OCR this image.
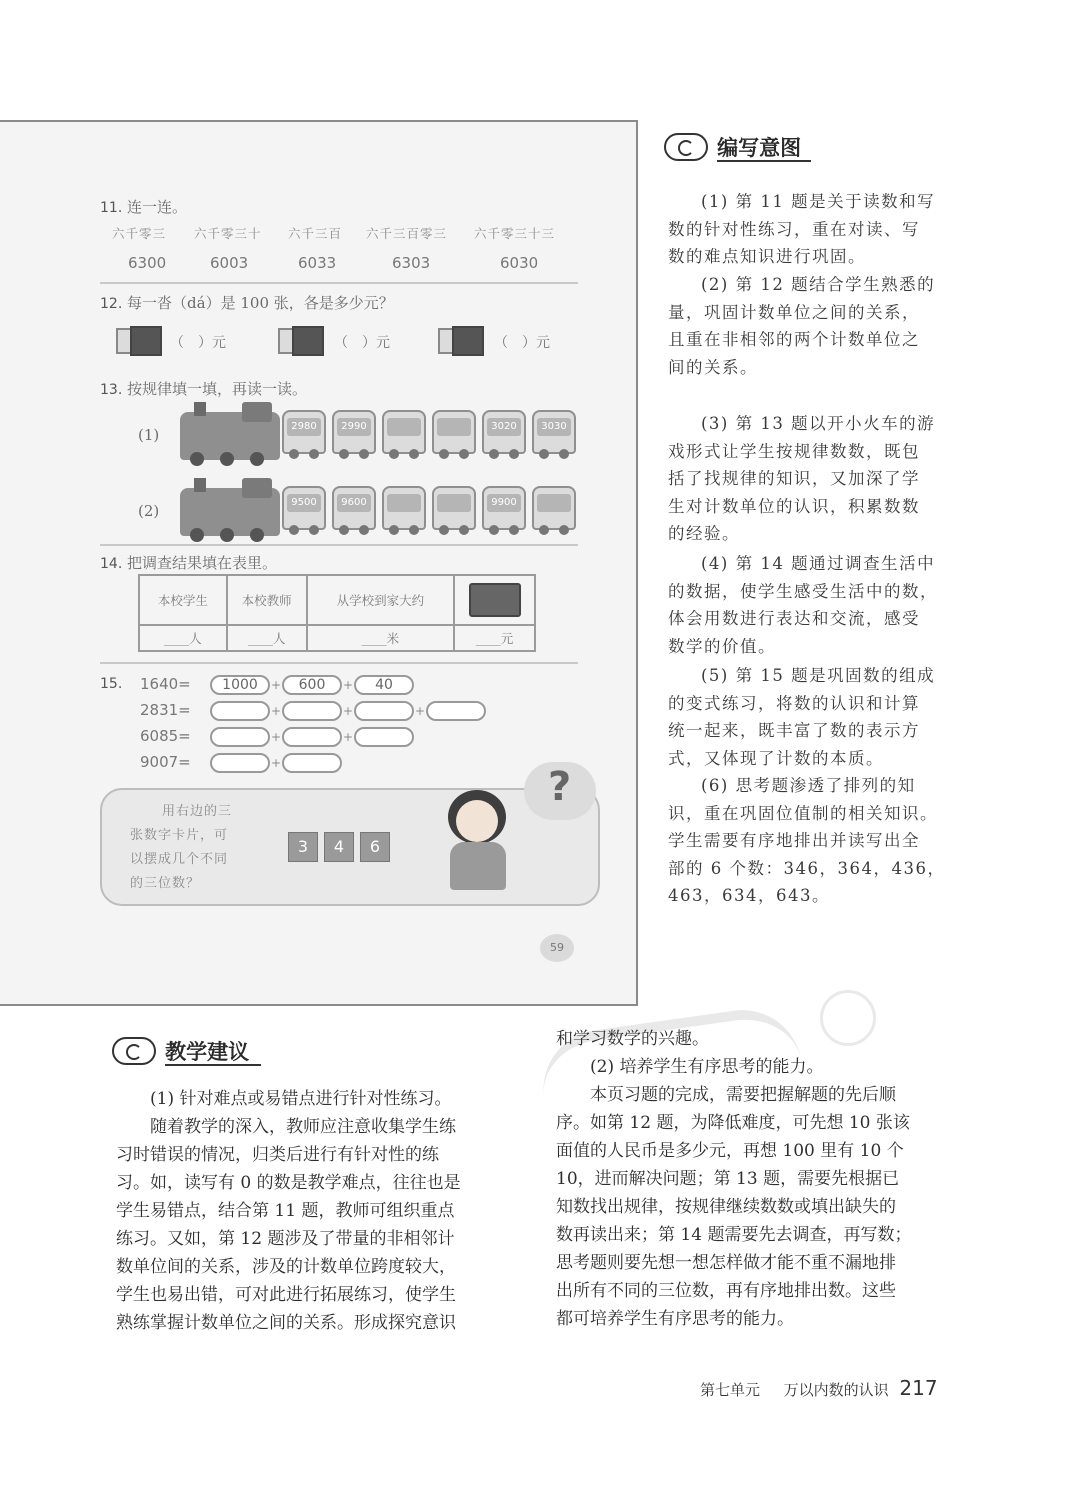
11. 连一连。
六千零三 六千零三十 六千三百 六千三百零三 六千零三十三
6300	6003	6033	6303	6030
12. 每一沓（dá）是 100 张，各是多少元？
（　）元	（　）元	（　）元
13. 按规律填一填，再读一读。
(1)	2980	2990	3020	3030
(2)	9500	9600	9900
14. 把调查结果填在表里。
本校学生	本校教师	从学校到家大约	
____人	____人	____米	____元
15. 1640= 1000 + 600 + 40
2831=	+	+	+
6085=	+	+
9007=	+
用右边的三
张数字卡片，可
以摆成几个不同
的三位数？
3	4	6
?
59
编写意图
(1) 第 11 题是关于读数和写
数的针对性练习，重在对读、写
数的难点知识进行巩固。
(2) 第 12 题结合学生熟悉的
量，巩固计数单位之间的关系，
且重在非相邻的两个计数单位之
间的关系。
(3) 第 13 题以开小火车的游
戏形式让学生按规律数数，既包
括了找规律的知识，又加深了学
生对计数单位的认识，积累数数
的经验。
(4) 第 14 题通过调查生活中
的数据，使学生感受生活中的数，
体会用数进行表达和交流，感受
数学的价值。
(5) 第 15 题是巩固数的组成
的变式练习，将数的认识和计算
统一起来，既丰富了数的表示方
式，又体现了计数的本质。
(6) 思考题渗透了排列的知
识，重在巩固位值制的相关知识。
学生需要有序地排出并读写出全
部的 6 个数：346，364，436，
463，634，643。
教学建议
(1) 针对难点或易错点进行针对性练习。
随着教学的深入，教师应注意收集学生练
习时错误的情况，归类后进行有针对性的练
习。如，读写有 0 的数是教学难点，往往也是
学生易错点，结合第 11 题，教师可组织重点
练习。又如，第 12 题涉及了带量的非相邻计
数单位间的关系，涉及的计数单位跨度较大，
学生也易出错，可对此进行拓展练习，使学生
熟练掌握计数单位之间的关系。形成探究意识
和学习数学的兴趣。
(2) 培养学生有序思考的能力。
本页习题的完成，需要把握解题的先后顺
序。如第 12 题，为降低难度，可先想 10 张该
面值的人民币是多少元，再想 100 里有 10 个
10，进而解决问题；第 13 题，需要先根据已
知数找出规律，按规律继续数数或填出缺失的
数再读出来；第 14 题需要先去调查，再写数；
思考题则要先想一想怎样做才能不重不漏地排
出所有不同的三位数，再有序地排出数。这些
都可培养学生有序思考的能力。
第七单元 万以内数的认识 217
